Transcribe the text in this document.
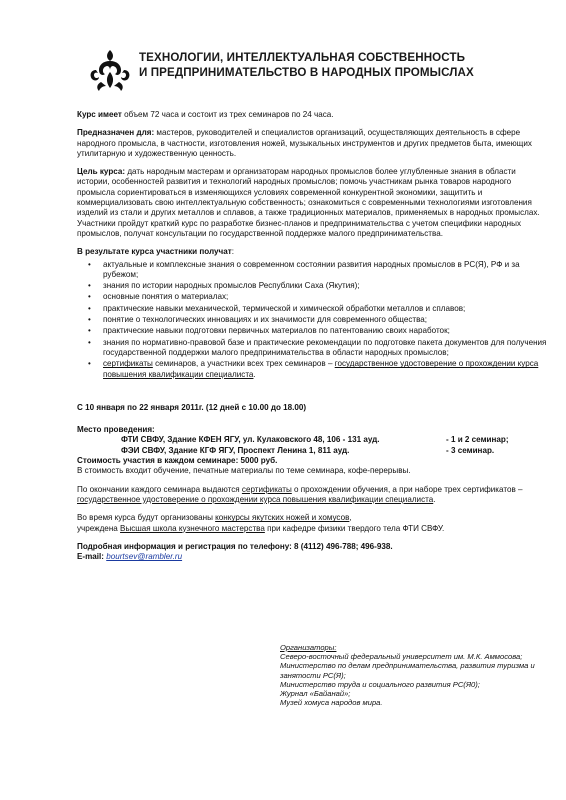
ТЕХНОЛОГИИ, ИНТЕЛЛЕКТУАЛЬНАЯ СОБСТВЕННОСТЬ
И ПРЕДПРИНИМАТЕЛЬСТВО В НАРОДНЫХ ПРОМЫСЛАХ

Курс имеет объем 72 часа и состоит из трех семинаров по 24 часа.

Предназначен для: мастеров, руководителей и специалистов организаций, осуществляющих деятельность в сфере народного промысла, в частности, изготовления ножей, музыкальных инструментов и других предметов быта, имеющих утилитарную и художественную ценность.

Цель курса: дать народным мастерам и организаторам народных промыслов более углубленные знания в области истории, особенностей развития и технологий народных промыслов; помочь участникам рынка товаров народного промысла сориентироваться в изменяющихся условиях современной конкурентной экономики, защитить и коммерциализовать свою интеллектуальную собственность; ознакомиться с современными технологиями изготовления изделий из стали и других металлов и сплавов, а также традиционных материалов, применяемых в народных промыслах. Участники пройдут краткий курс по разработке бизнес-планов и предпринимательства с учетом специфики народных промыслов, получат консультации по государственной поддержке малого предпринимательства.

В результате курса участники получат:
• актуальные и комплексные знания о современном состоянии развития народных промыслов в РС(Я), РФ и за рубежом;
• знания по истории народных промыслов Республики Саха (Якутия);
• основные понятия о материалах;
• практические навыки механической, термической и химической обработки металлов и сплавов;
• понятие о технологических инновациях и их значимости для современного общества;
• практические навыки подготовки первичных материалов по патентованию своих наработок;
• знания по нормативно-правовой базе и практические рекомендации по подготовке пакета документов для получения государственной поддержки малого предпринимательства в области народных промыслов;
• сертификаты семинаров, а участники всех трех семинаров – государственное удостоверение о прохождении курса повышения квалификации специалиста.

С 10 января по 22 января 2011г. (12 дней с 10.00 до 18.00)

Место проведения:
ФТИ СВФУ, Здание КФЕН ЯГУ, ул. Кулаковского 48, 106 - 131 ауд.	- 1 и 2 семинар;
ФЭИ СВФУ, Здание КГФ ЯГУ, Проспект Ленина 1, 811 ауд.	- 3 семинар.
Стоимость участия в каждом семинаре: 5000 руб.

В стоимость входит обучение, печатные материалы по теме семинара, кофе-перерывы.

По окончании каждого семинара выдаются сертификаты о прохождении обучения, а при наборе трех сертификатов – государственное удостоверение о прохождении курса повышения квалификации специалиста.

Во время курса будут организованы конкурсы якутских ножей и хомусов,
учреждена Высшая школа кузнечного мастерства при кафедре физики твердого тела ФТИ СВФУ.

Подробная информация и регистрация по телефону: 8 (4112) 496-788; 496-938.
E-mail: bourtsev@rambler.ru
Организаторы:
Северо-восточный федеральный университет им. М.К. Аммосова;
Министерство по делам предпринимательства, развития туризма и занятости РС(Я);
Министерство труда и социального развития РС(Я0);
Журнал «Байанай»;
Музей хомуса народов мира.
